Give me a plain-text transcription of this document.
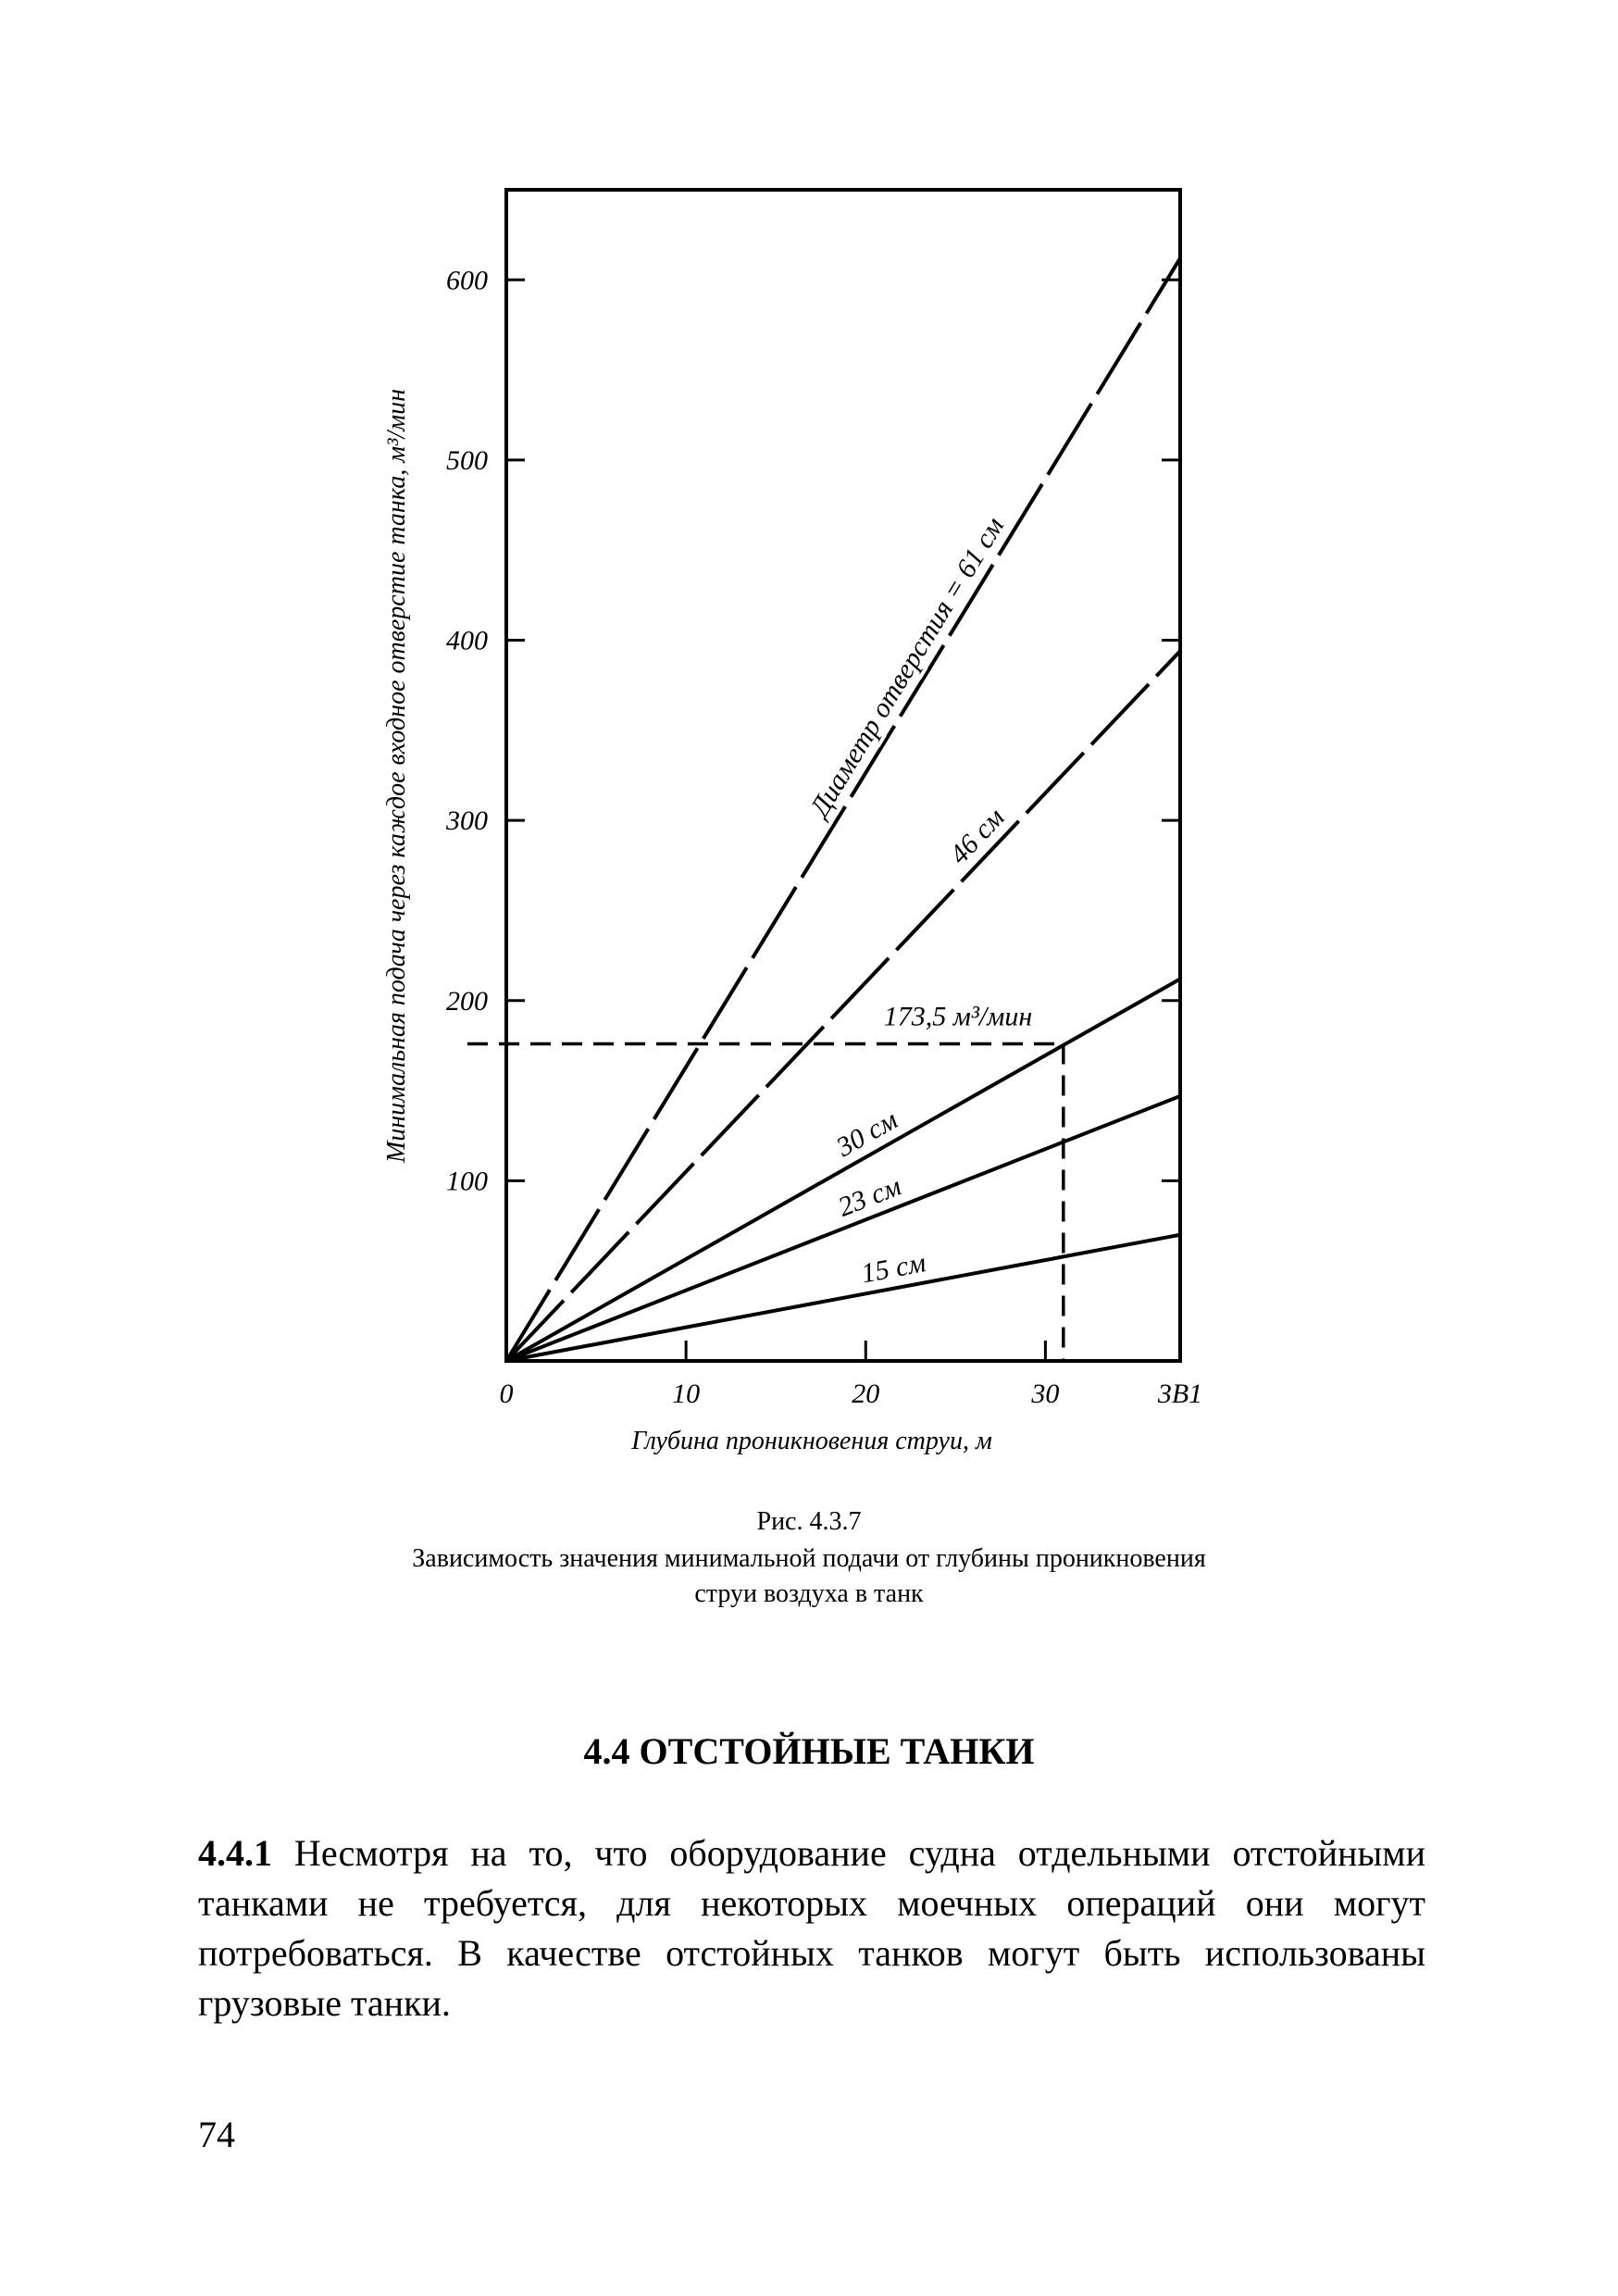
100
200
300
400
500
600
0	10	20	30	3В1
Глубина проникновения струи, м
Минимальная подача через каждое входное отверстие танка, м³/мин	Диаметр отверстия = 61 см
46 см
30 см
23 см
15 см
173,5 м³/мин
Рис. 4.3.7
Зависимость значения минимальной подачи от глубины проникновения
струи воздуха в танк
4.4 ОТСТОЙНЫЕ ТАНКИ
4.4.1 Несмотря на то, что оборудование судна отдельными отстойными танками не требуется, для некоторых моечных операций они могут потребоваться. В качестве отстойных танков могут быть использованы грузовые танки.
74
